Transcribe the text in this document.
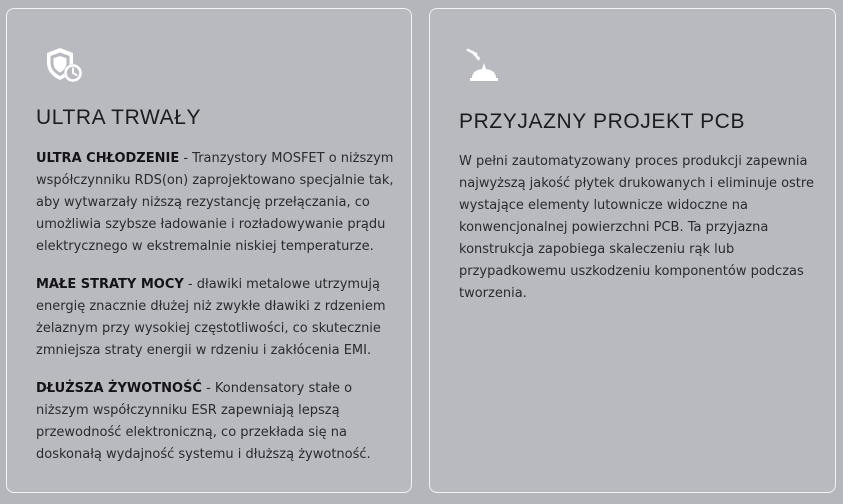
ULTRA TRWAŁY

ULTRA CHŁODZENIE - Tranzystory MOSFET o niższym współczynniku RDS(on) zaprojektowano specjalnie tak, aby wytwarzały niższą rezystancję przełączania, co umożliwia szybsze ładowanie i rozładowywanie prądu elektrycznego w ekstremalnie niskiej temperaturze.

MAŁE STRATY MOCY - dławiki metalowe utrzymują energię znacznie dłużej niż zwykłe dławiki z rdzeniem żelaznym przy wysokiej częstotliwości, co skutecznie zmniejsza straty energii w rdzeniu i zakłócenia EMI.

DŁUŻSZA ŻYWOTNOŚĆ - Kondensatory stałe o niższym współczynniku ESR zapewniają lepszą przewodność elektroniczną, co przekłada się na doskonałą wydajność systemu i dłuższą żywotność.

PRZYJAZNY PROJEKT PCB

W pełni zautomatyzowany proces produkcji zapewnia najwyższą jakość płytek drukowanych i eliminuje ostre wystające elementy lutownicze widoczne na konwencjonalnej powierzchni PCB. Ta przyjazna konstrukcja zapobiega skaleczeniu rąk lub przypadkowemu uszkodzeniu komponentów podczas tworzenia.
